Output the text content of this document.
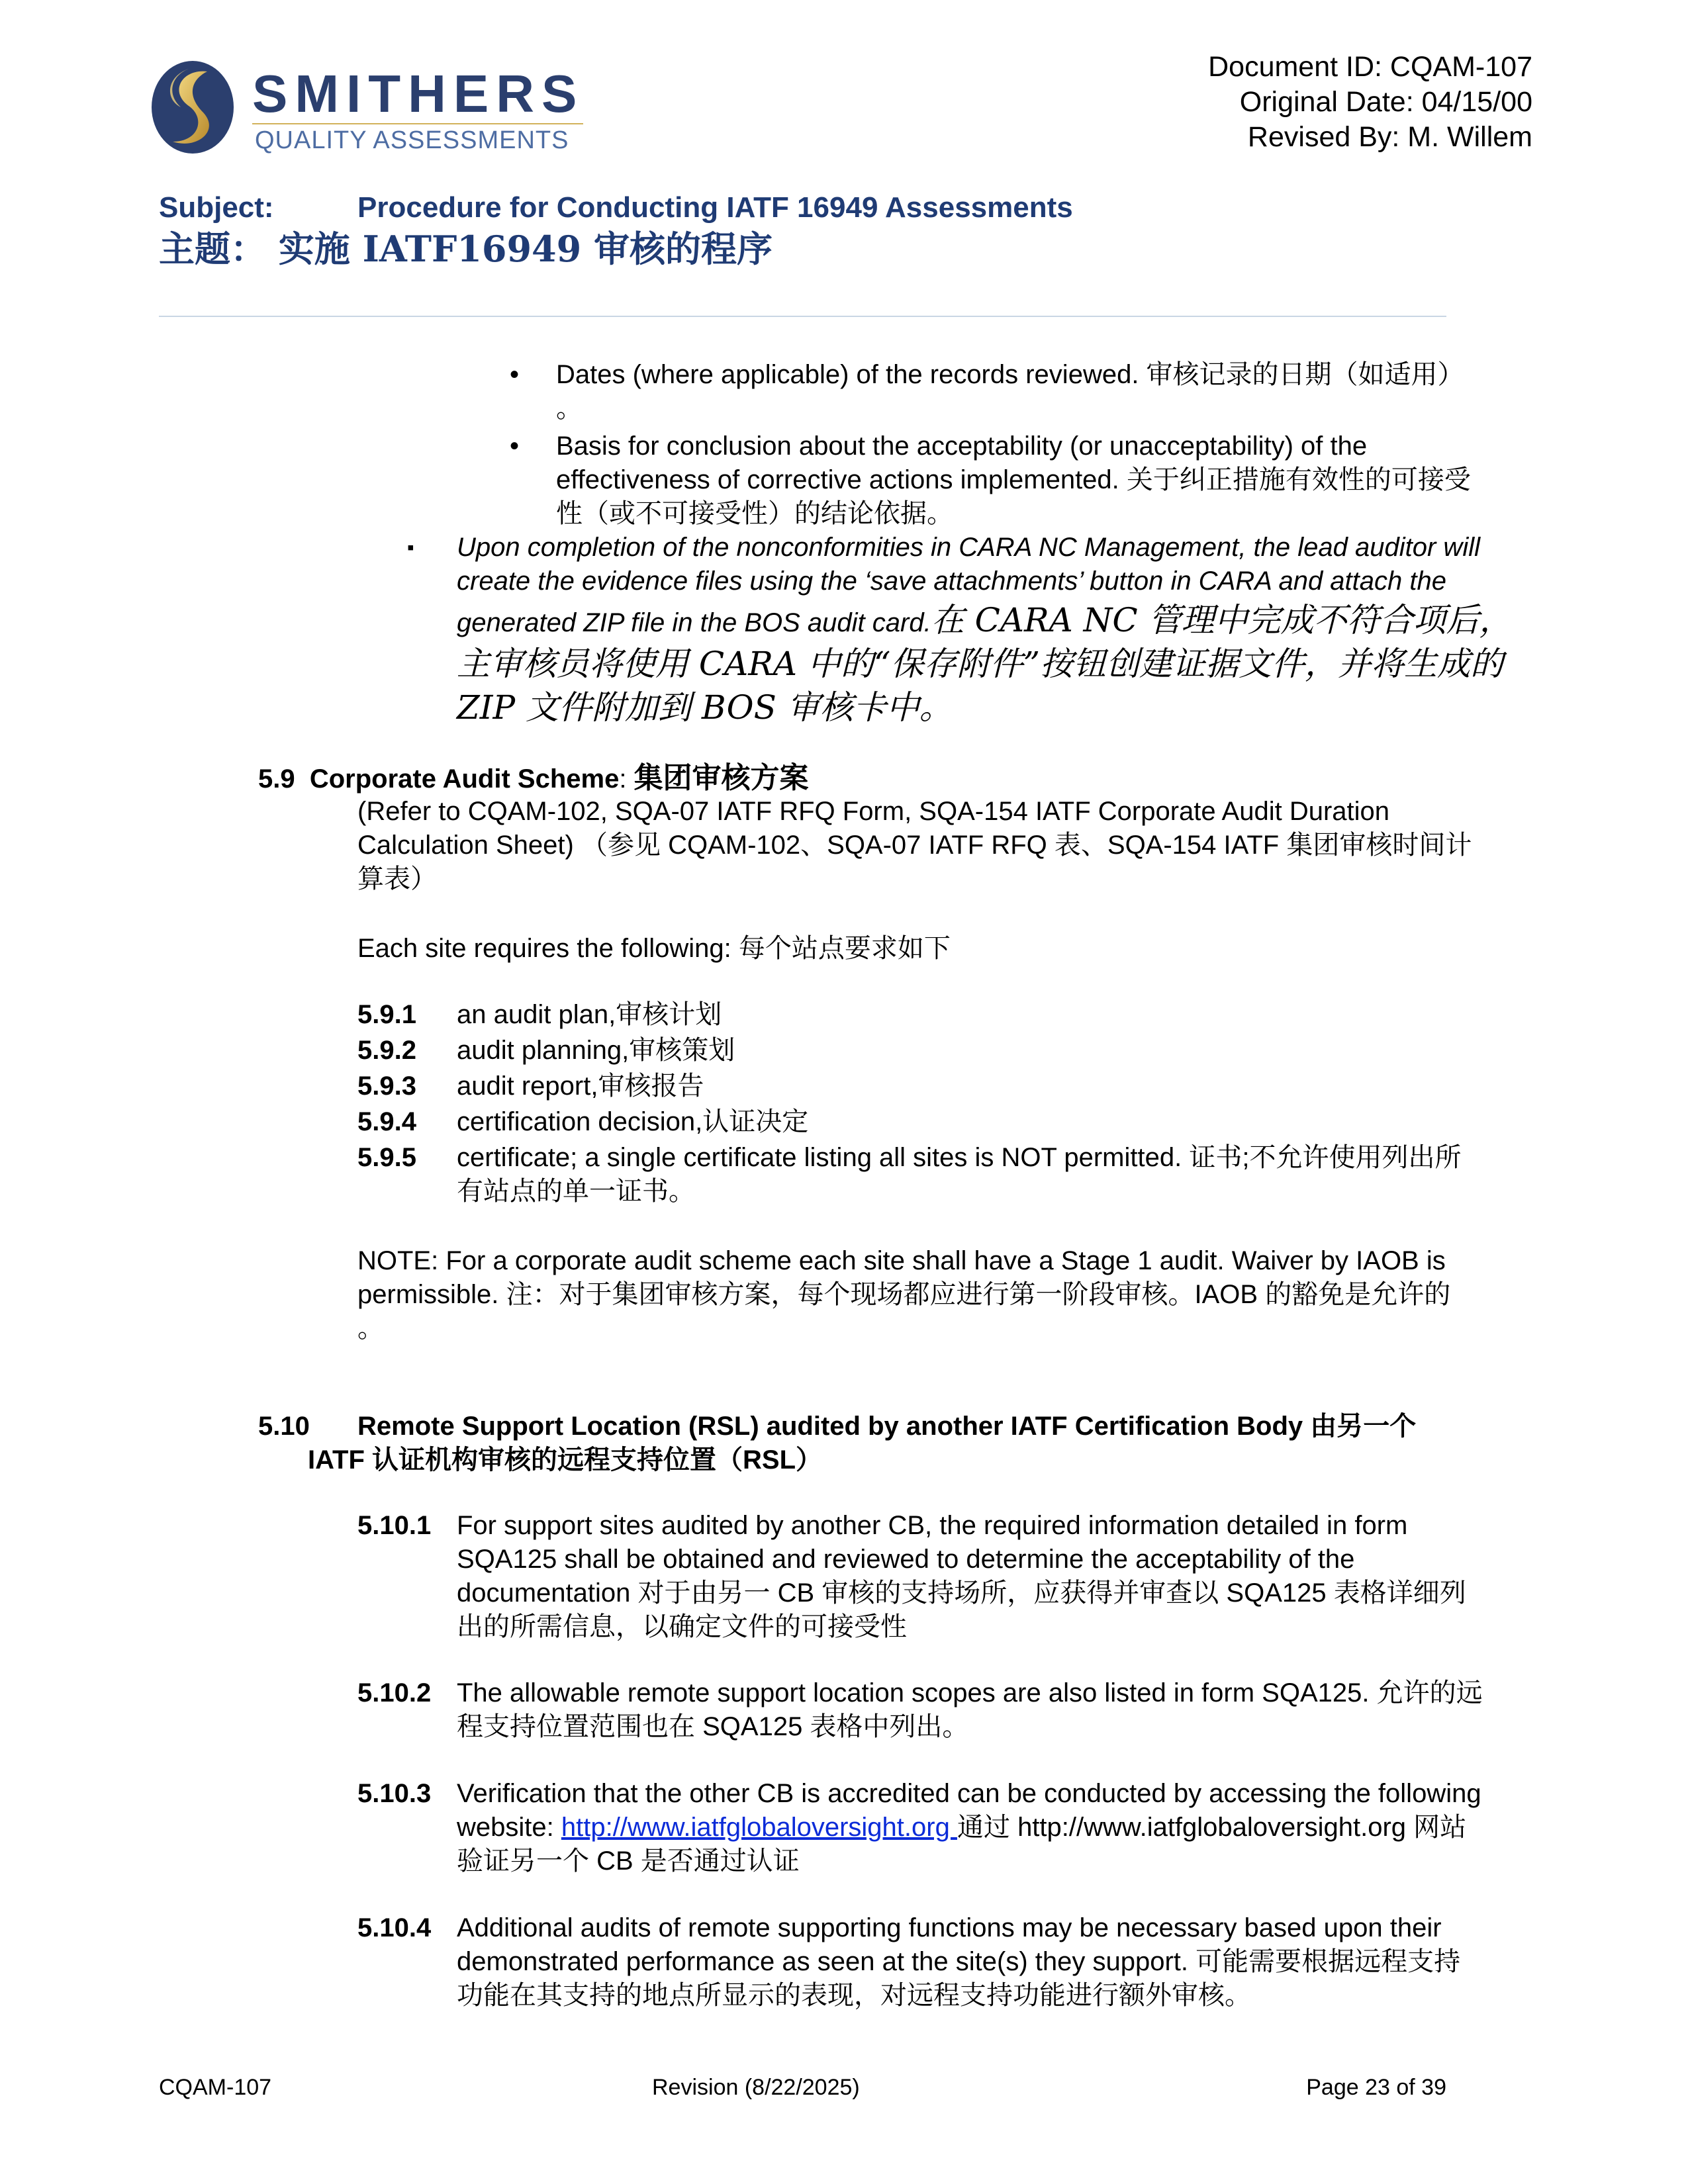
SMITHERS
QUALITY ASSESSMENTS
Document ID: CQAM-107
Original Date: 04/15/00
Revised By: M. Willem
Subject:	Procedure for Conducting IATF 16949 Assessments
主题： 实施 IATF16949 审核的程序
• Dates (where applicable) of the records reviewed. 审核记录的日期（如适用）
。
• Basis for conclusion about the acceptability (or unacceptability) of the
effectiveness of corrective actions implemented. 关于纠正措施有效性的可接受
性（或不可接受性）的结论依据。
▪ Upon completion of the nonconformities in CARA NC Management, the lead auditor will
create the evidence files using the ‘save attachments’ button in CARA and attach the
generated ZIP file in the BOS audit card.在 CARA NC 管理中完成不符合项后，
主审核员将使用 CARA 中的“保存附件”按钮创建证据文件，并将生成的
ZIP 文件附加到 BOS 审核卡中。
5.9 Corporate Audit Scheme: 集团审核方案
(Refer to CQAM-102, SQA-07 IATF RFQ Form, SQA-154 IATF Corporate Audit Duration
Calculation Sheet) （参见 CQAM-102、SQA-07 IATF RFQ 表、SQA-154 IATF 集团审核时间计
算表）
Each site requires the following: 每个站点要求如下
5.9.1 an audit plan,审核计划
5.9.2 audit planning,审核策划
5.9.3 audit report,审核报告
5.9.4 certification decision,认证决定
5.9.5 certificate; a single certificate listing all sites is NOT permitted. 证书;不允许使用列出所
有站点的单一证书。
NOTE: For a corporate audit scheme each site shall have a Stage 1 audit. Waiver by IAOB is
permissible. 注：对于集团审核方案，每个现场都应进行第一阶段审核。IAOB 的豁免是允许的
。
5.10 Remote Support Location (RSL) audited by another IATF Certification Body 由另一个
IATF 认证机构审核的远程支持位置（RSL）
5.10.1 For support sites audited by another CB, the required information detailed in form
SQA125 shall be obtained and reviewed to determine the acceptability of the
documentation 对于由另一 CB 审核的支持场所，应获得并审查以 SQA125 表格详细列
出的所需信息，以确定文件的可接受性
5.10.2 The allowable remote support location scopes are also listed in form SQA125. 允许的远
程支持位置范围也在 SQA125 表格中列出。
5.10.3 Verification that the other CB is accredited can be conducted by accessing the following
website: http://www.iatfglobaloversight.org 通过 http://www.iatfglobaloversight.org 网站
验证另一个 CB 是否通过认证
5.10.4 Additional audits of remote supporting functions may be necessary based upon their
demonstrated performance as seen at the site(s) they support. 可能需要根据远程支持
功能在其支持的地点所显示的表现，对远程支持功能进行额外审核。
CQAM-107	Revision (8/22/2025)	Page 23 of 39
